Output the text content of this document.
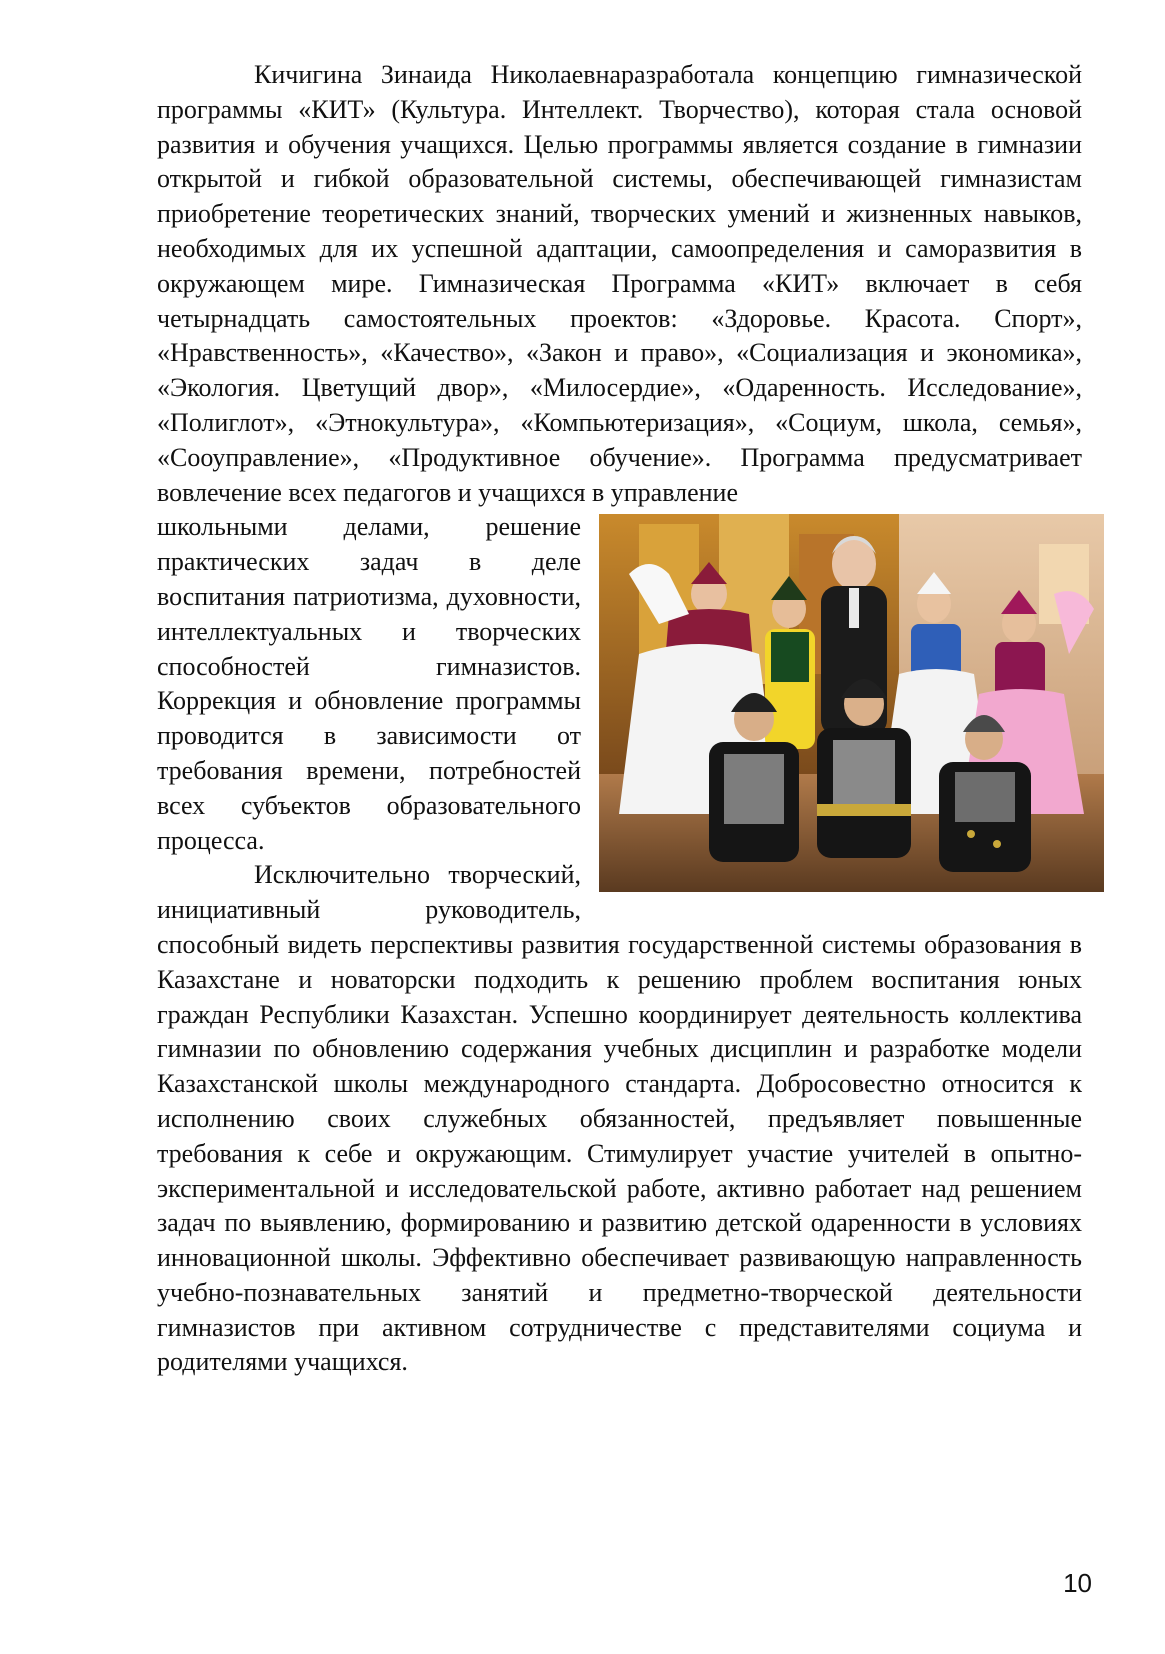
Кичигина Зинаида Николаевнаразработала концепцию гимназической программы «КИТ» (Культура. Интеллект. Творчество), которая стала основой развития и обучения учащихся. Целью программы является создание в гимназии открытой и гибкой образовательной системы, обеспечивающей гимназистам приобретение теоретических знаний, творческих умений и жизненных навыков, необходимых для их успешной адаптации, самоопределения и саморазвития в окружающем мире. Гимназическая Программа «КИТ» включает в себя четырнадцать самостоятельных проектов: «Здоровье. Красота. Спорт», «Нравственность», «Качество», «Закон и право», «Социализация и экономика», «Экология. Цветущий двор», «Милосердие», «Одаренность. Исследование», «Полиглот», «Этнокультура», «Компьютеризация», «Социум, школа, семья», «Сооуправление», «Продуктивное обучение». Программа предусматривает вовлечение всех педагогов и учащихся в управление

школьными делами, решение практических задач в деле воспитания патриотизма, духовности, интеллектуальных и творческих способностей гимназистов. Коррекция и обновление программы проводится в зависимости от требования времени, потребностей всех субъектов образовательного процесса.

Исключительно творческий, инициативный руководитель, способный видеть перспективы развития государственной системы образования в Казахстане и новаторски подходить к решению проблем воспитания юных граждан Республики Казахстан. Успешно координирует деятельность коллектива гимназии по обновлению содержания учебных дисциплин и разработке модели Казахстанской школы международного стандарта. Добросовестно относится к исполнению своих служебных обязанностей, предъявляет повышенные требования к себе и окружающим. Стимулирует участие учителей в опытно-экспериментальной и исследовательской работе, активно работает над решением задач по выявлению, формированию и развитию детской одаренности в условиях инновационной школы. Эффективно обеспечивает развивающую направленность учебно-познавательных занятий и предметно-творческой деятельности гимназистов при активном сотрудничестве с представителями социума и родителями учащихся.

10
